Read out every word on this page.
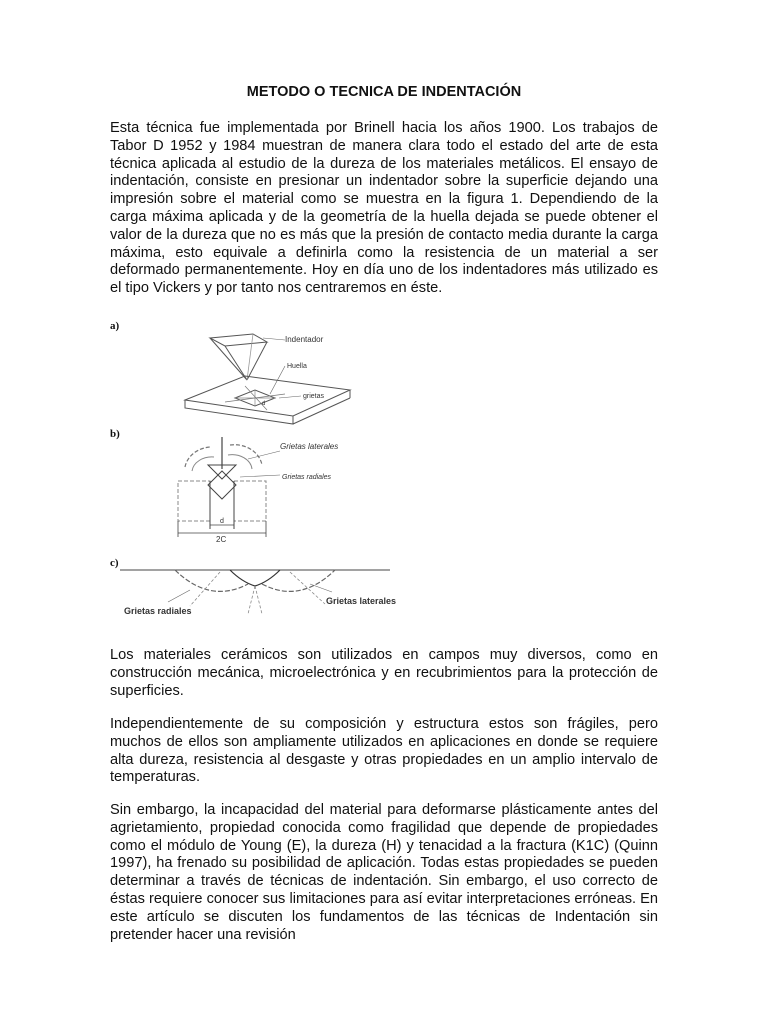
METODO O TECNICA DE INDENTACIÓN

Esta técnica fue implementada por Brinell hacia los años 1900. Los trabajos de Tabor D 1952 y 1984 muestran de manera clara todo el estado del arte de esta técnica aplicada al estudio de la dureza de los materiales metálicos. El ensayo de indentación, consiste en presionar un indentador sobre la superficie dejando una impresión sobre el material como se muestra en la figura 1. Dependiendo de la carga máxima aplicada y de la geometría de la huella dejada se puede obtener el valor de la dureza que no es más que la presión de contacto media durante la carga máxima, esto equivale a definirla como la resistencia de un material a ser deformado permanentemente. Hoy en día uno de los indentadores más utilizado es el tipo Vickers y por tanto nos centraremos en éste.

a)
Indentador
Huella
grietas
d
b)
Grietas laterales
Grietas radiales
d
2C
c)
Grietas radiales
Grietas laterales

Los materiales cerámicos son utilizados en campos muy diversos, como en construcción mecánica, microelectrónica y en recubrimientos para la protección de superficies.

Independientemente de su composición y estructura estos son frágiles, pero muchos de ellos son ampliamente utilizados en aplicaciones en donde se requiere alta dureza, resistencia al desgaste y otras propiedades en un amplio intervalo de temperaturas.

Sin embargo, la incapacidad del material para deformarse plásticamente antes del agrietamiento, propiedad conocida como fragilidad que depende de propiedades como el módulo de Young (E), la dureza (H) y tenacidad a la fractura (K1C) (Quinn 1997), ha frenado su posibilidad de aplicación. Todas estas propiedades se pueden determinar a través de técnicas de indentación. Sin embargo, el uso correcto de éstas requiere conocer sus limitaciones para así evitar interpretaciones erróneas. En este artículo se discuten los fundamentos de las técnicas de Indentación sin pretender hacer una revisión
